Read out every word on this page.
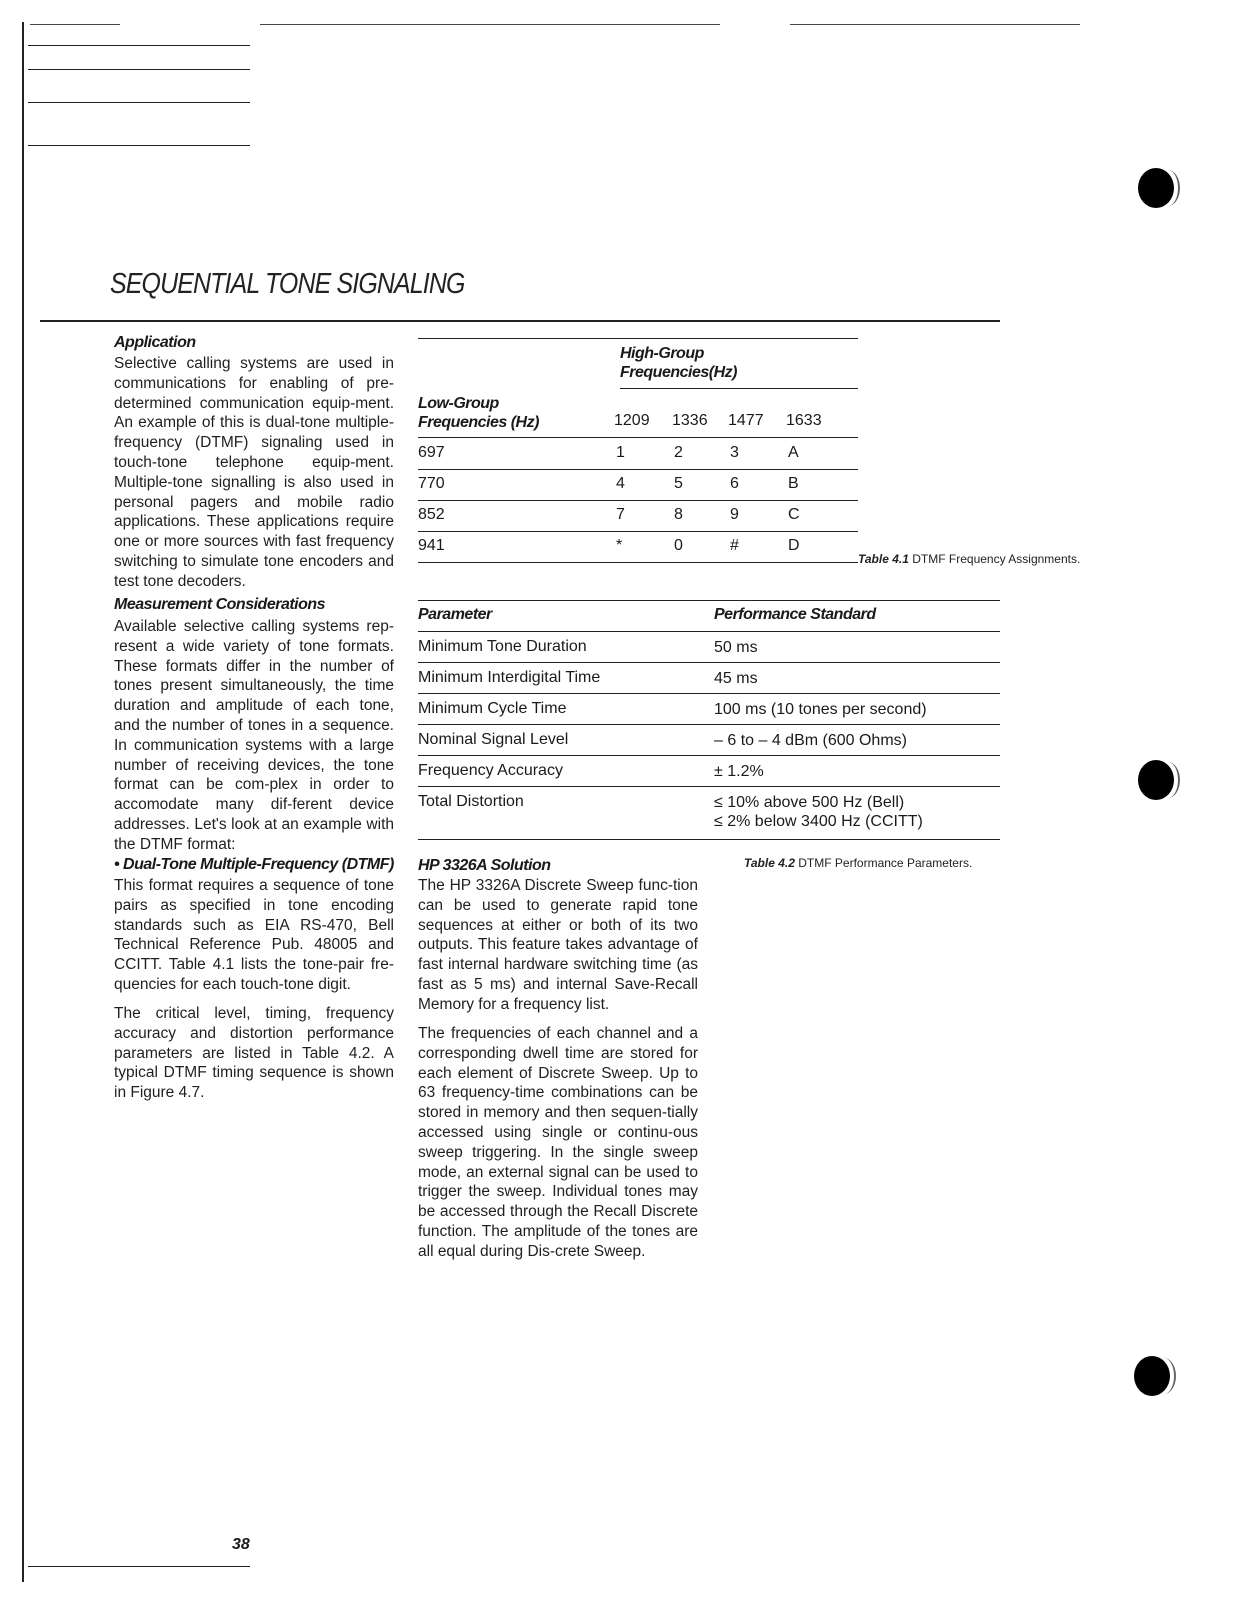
SEQUENTIAL TONE SIGNALING
Application
Selective calling systems are used in communications for enabling of pre-determined communication equip-ment. An example of this is dual-tone multiple-frequency (DTMF) signaling used in touch-tone telephone equip-ment. Multiple-tone signalling is also used in personal pagers and mobile radio applications. These applications require one or more sources with fast frequency switching to simulate tone encoders and test tone decoders.
Measurement Considerations
Available selective calling systems rep-resent a wide variety of tone formats. These formats differ in the number of tones present simultaneously, the time duration and amplitude of each tone, and the number of tones in a sequence. In communication systems with a large number of receiving devices, the tone format can be com-plex in order to accomodate many dif-ferent device addresses. Let's look at an example with the DTMF format:
• Dual-Tone Multiple-Frequency (DTMF)
This format requires a sequence of tone pairs as specified in tone encoding standards such as EIA RS-470, Bell Technical Reference Pub. 48005 and CCITT. Table 4.1 lists the tone-pair fre-quencies for each touch-tone digit.
The critical level, timing, frequency accuracy and distortion performance parameters are listed in Table 4.2. A typical DTMF timing sequence is shown in Figure 4.7.
HP 3326A Solution
The HP 3326A Discrete Sweep func-tion can be used to generate rapid tone sequences at either or both of its two outputs. This feature takes advantage of fast internal hardware switching time (as fast as 5 ms) and internal Save-Recall Memory for a frequency list.
The frequencies of each channel and a corresponding dwell time are stored for each element of Discrete Sweep. Up to 63 frequency-time combinations can be stored in memory and then sequen-tially accessed using single or continu-ous sweep triggering. In the single sweep mode, an external signal can be used to trigger the sweep. Individual tones may be accessed through the Recall Discrete function. The amplitude of the tones are all equal during Dis-crete Sweep.
High-Group
Frequencies(Hz)
Low-Group
Frequencies (Hz)	1209 1336 1477 1633
697	1	2	3	A
770	4	5	6	B
852	7	8	9	C
941	*	0	#	D
Table 4.1 DTMF Frequency Assignments.
Parameter	Performance Standard
Minimum Tone Duration	50 ms
Minimum Interdigital Time	45 ms
Minimum Cycle Time	100 ms (10 tones per second)
Nominal Signal Level	– 6 to – 4 dBm (600 Ohms)
Frequency Accuracy	± 1.2%
Total Distortion	≤ 10% above 500 Hz (Bell)
≤ 2% below 3400 Hz (CCITT)
Table 4.2 DTMF Performance Parameters.
38
